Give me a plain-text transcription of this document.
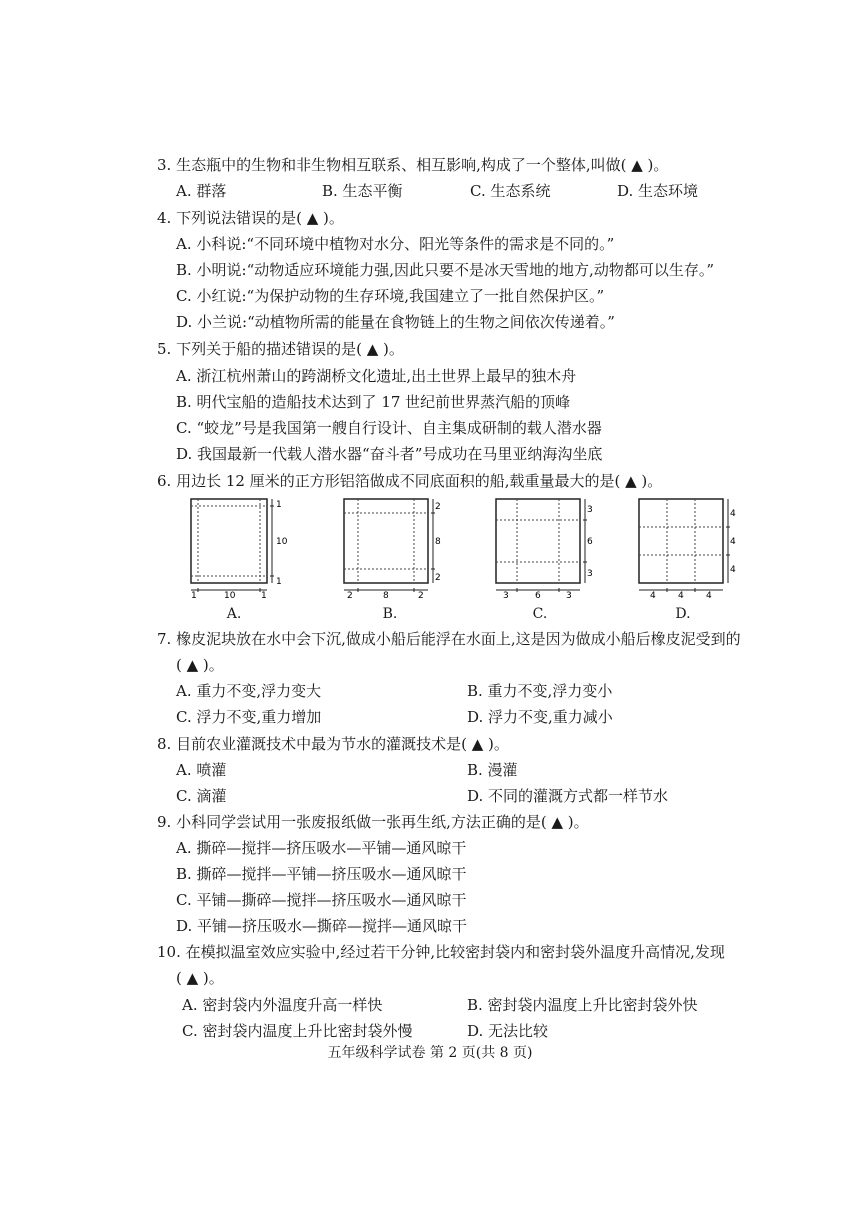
3. 生态瓶中的生物和非生物相互联系、相互影响,构成了一个整体,叫做( ▲ )。
A. 群落	B. 生态平衡	C. 生态系统	D. 生态环境
4. 下列说法错误的是( ▲ )。
A. 小科说:“不同环境中植物对水分、阳光等条件的需求是不同的。”
B. 小明说:“动物适应环境能力强,因此只要不是冰天雪地的地方,动物都可以生存。”
C. 小红说:“为保护动物的生存环境,我国建立了一批自然保护区。”
D. 小兰说:“动植物所需的能量在食物链上的生物之间依次传递着。”
5. 下列关于船的描述错误的是( ▲ )。
A. 浙江杭州萧山的跨湖桥文化遗址,出土世界上最早的独木舟
B. 明代宝船的造船技术达到了 17 世纪前世界蒸汽船的顶峰
C. “蛟龙”号是我国第一艘自行设计、自主集成研制的载人潜水器
D. 我国最新一代载人潜水器“奋斗者”号成功在马里亚纳海沟坐底
6. 用边长 12 厘米的正方形铝箔做成不同底面积的船,载重量最大的是( ▲ )。
1
10
1
1	10	1
A.
2
8
2
2	8	2
B.
3
6
3
3	6	3
C.
4
4
4
4 4 4
D.
7. 橡皮泥块放在水中会下沉,做成小船后能浮在水面上,这是因为做成小船后橡皮泥受到的
( ▲ )。
A. 重力不变,浮力变大	B. 重力不变,浮力变小
C. 浮力不变,重力增加	D. 浮力不变,重力减小
8. 目前农业灌溉技术中最为节水的灌溉技术是( ▲ )。
A. 喷灌	B. 漫灌
C. 滴灌	D. 不同的灌溉方式都一样节水
9. 小科同学尝试用一张废报纸做一张再生纸,方法正确的是( ▲ )。
A. 撕碎—搅拌—挤压吸水—平铺—通风晾干
B. 撕碎—搅拌—平铺—挤压吸水—通风晾干
C. 平铺—撕碎—搅拌—挤压吸水—通风晾干
D. 平铺—挤压吸水—撕碎—搅拌—通风晾干
10. 在模拟温室效应实验中,经过若干分钟,比较密封袋内和密封袋外温度升高情况,发现
( ▲ )。
A. 密封袋内外温度升高一样快	B. 密封袋内温度上升比密封袋外快
C. 密封袋内温度上升比密封袋外慢	D. 无法比较
五年级科学试卷 第 2 页(共 8 页)
